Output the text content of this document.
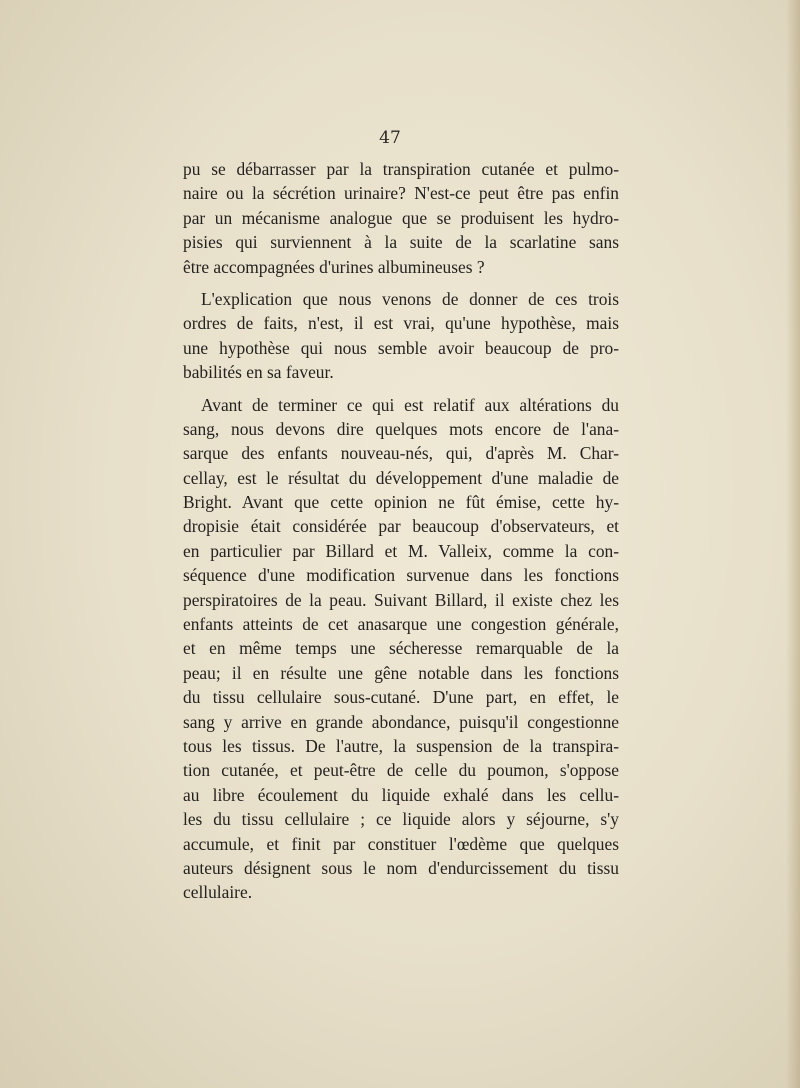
47
pu se débarrasser par la transpiration cutanée et pulmo-
naire ou la sécrétion urinaire? N'est-ce peut être pas enfin
par un mécanisme analogue que se produisent les hydro-
pisies qui surviennent à la suite de la scarlatine sans
être accompagnées d'urines albumineuses ?
L'explication que nous venons de donner de ces trois
ordres de faits, n'est, il est vrai, qu'une hypothèse, mais
une hypothèse qui nous semble avoir beaucoup de pro-
babilités en sa faveur.
Avant de terminer ce qui est relatif aux altérations du
sang, nous devons dire quelques mots encore de l'ana-
sarque des enfants nouveau-nés, qui, d'après M. Char-
cellay, est le résultat du développement d'une maladie de
Bright. Avant que cette opinion ne fût émise, cette hy-
dropisie était considérée par beaucoup d'observateurs, et
en particulier par Billard et M. Valleix, comme la con-
séquence d'une modification survenue dans les fonctions
perspiratoires de la peau. Suivant Billard, il existe chez les
enfants atteints de cet anasarque une congestion générale,
et en même temps une sécheresse remarquable de la
peau; il en résulte une gêne notable dans les fonctions
du tissu cellulaire sous-cutané. D'une part, en effet, le
sang y arrive en grande abondance, puisqu'il congestionne
tous les tissus. De l'autre, la suspension de la transpira-
tion cutanée, et peut-être de celle du poumon, s'oppose
au libre écoulement du liquide exhalé dans les cellu-
les du tissu cellulaire ; ce liquide alors y séjourne, s'y
accumule, et finit par constituer l'œdème que quelques
auteurs désignent sous le nom d'endurcissement du tissu
cellulaire.
